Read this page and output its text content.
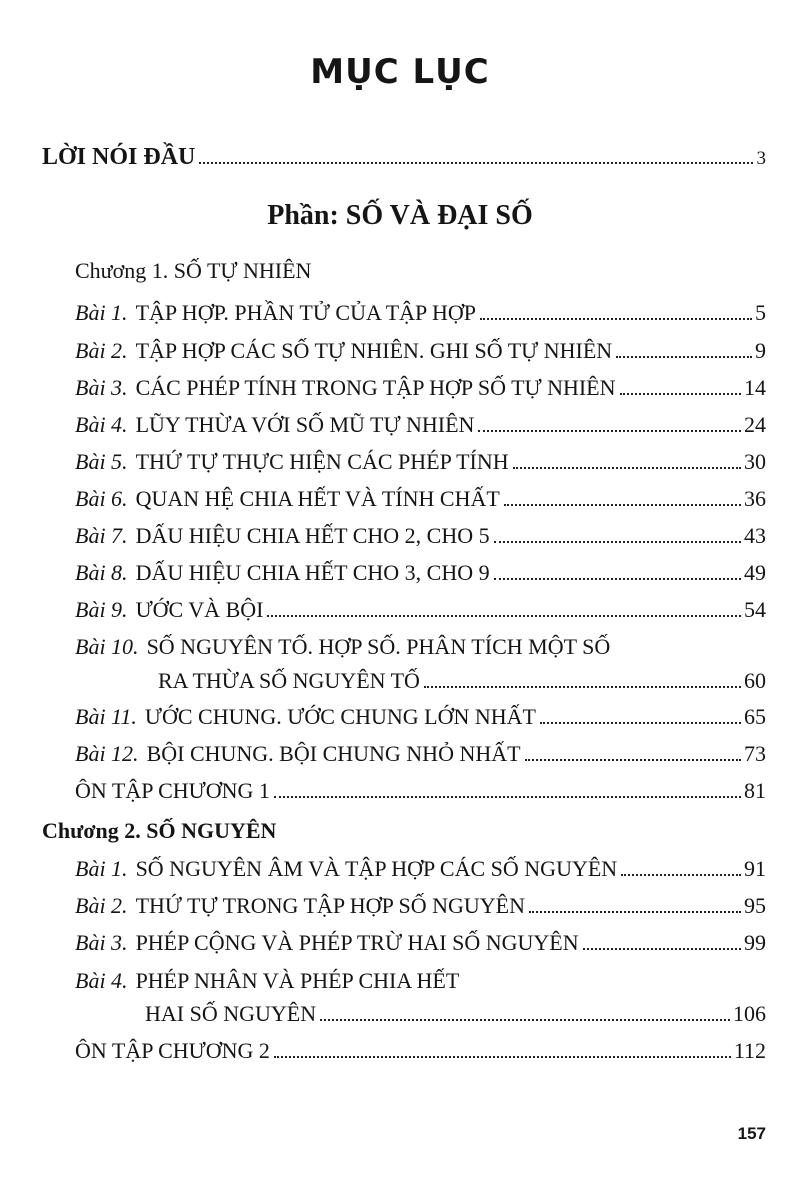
MỤC LỤC
LỜI NÓI ĐẦU	3
Phần: SỐ VÀ ĐẠI SỐ
Chương 1. SỐ TỰ NHIÊN
Bài 1. TẬP HỢP. PHẦN TỬ CỦA TẬP HỢP	5
Bài 2. TẬP HỢP CÁC SỐ TỰ NHIÊN. GHI SỐ TỰ NHIÊN	9
Bài 3. CÁC PHÉP TÍNH TRONG TẬP HỢP SỐ TỰ NHIÊN	14
Bài 4. LŨY THỪA VỚI SỐ MŨ TỰ NHIÊN	24
Bài 5. THỨ TỰ THỰC HIỆN CÁC PHÉP TÍNH	30
Bài 6. QUAN HỆ CHIA HẾT VÀ TÍNH CHẤT	36
Bài 7. DẤU HIỆU CHIA HẾT CHO 2, CHO 5	43
Bài 8. DẤU HIỆU CHIA HẾT CHO 3, CHO 9	49
Bài 9. ƯỚC VÀ BỘI	54
Bài 10. SỐ NGUYÊN TỐ. HỢP SỐ. PHÂN TÍCH MỘT SỐ
RA THỪA SỐ NGUYÊN TỐ	60
Bài 11. ƯỚC CHUNG. ƯỚC CHUNG LỚN NHẤT	65
Bài 12. BỘI CHUNG. BỘI CHUNG NHỎ NHẤT	73
ÔN TẬP CHƯƠNG 1	81
Chương 2. SỐ NGUYÊN
Bài 1. SỐ NGUYÊN ÂM VÀ TẬP HỢP CÁC SỐ NGUYÊN	91
Bài 2. THỨ TỰ TRONG TẬP HỢP SỐ NGUYÊN	95
Bài 3. PHÉP CỘNG VÀ PHÉP TRỪ HAI SỐ NGUYÊN	99
Bài 4. PHÉP NHÂN VÀ PHÉP CHIA HẾT
HAI SỐ NGUYÊN	106
ÔN TẬP CHƯƠNG 2	112
157
